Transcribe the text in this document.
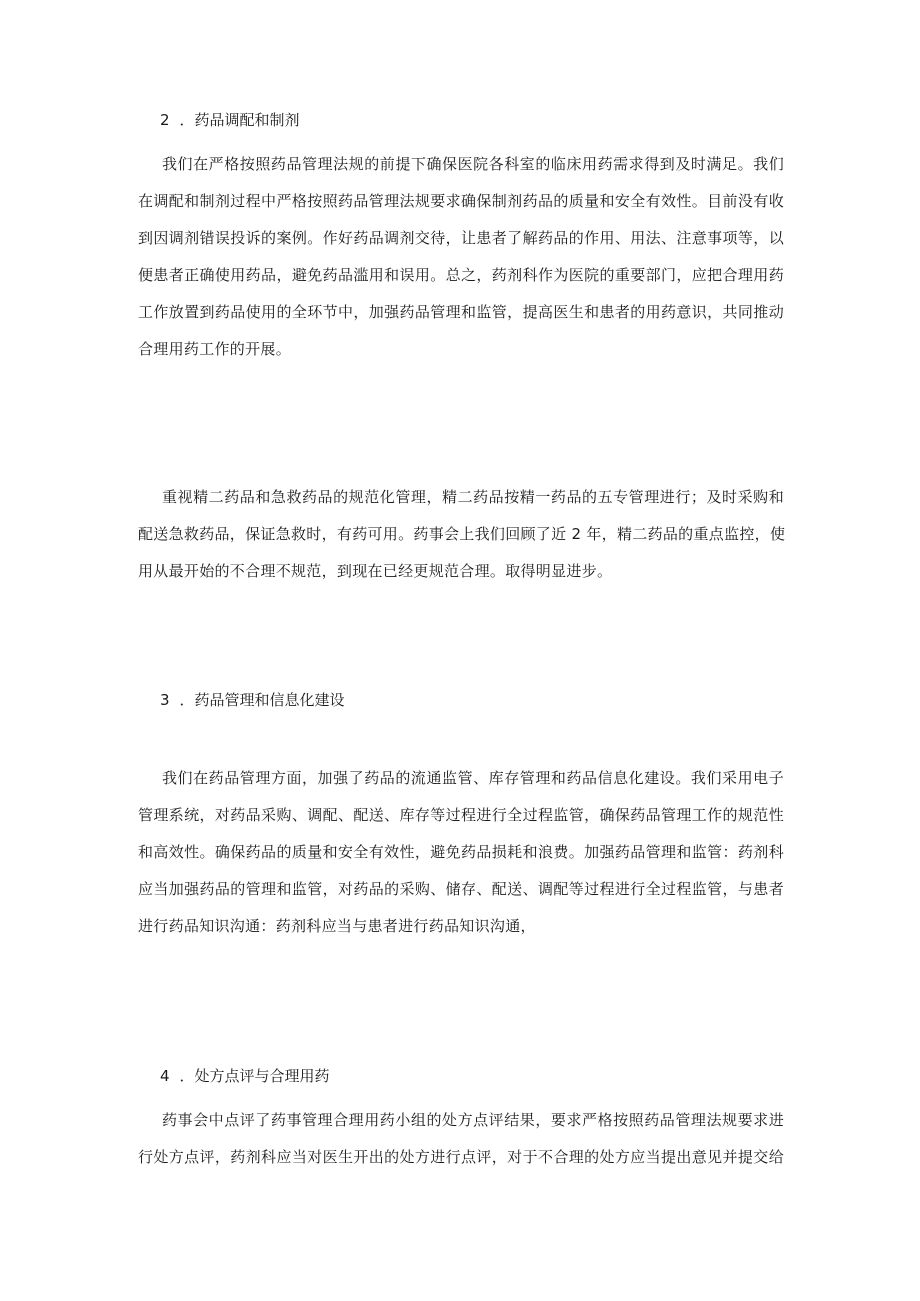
2 ．药品调配和制剂
我们在严格按照药品管理法规的前提下确保医院各科室的临床用药需求得到及时满足。我们
在调配和制剂过程中严格按照药品管理法规要求确保制剂药品的质量和安全有效性。目前没有收
到因调剂错误投诉的案例。作好药品调剂交待，让患者了解药品的作用、用法、注意事项等，以
便患者正确使用药品，避免药品滥用和误用。总之，药剂科作为医院的重要部门，应把合理用药
工作放置到药品使用的全环节中，加强药品管理和监管，提高医生和患者的用药意识，共同推动
合理用药工作的开展。
重视精二药品和急救药品的规范化管理，精二药品按精一药品的五专管理进行；及时采购和
配送急救药品，保证急救时，有药可用。药事会上我们回顾了近 2 年，精二药品的重点监控，使
用从最开始的不合理不规范，到现在已经更规范合理。取得明显进步。
3 ．药品管理和信息化建设
我们在药品管理方面，加强了药品的流通监管、库存管理和药品信息化建设。我们采用电子
管理系统，对药品采购、调配、配送、库存等过程进行全过程监管，确保药品管理工作的规范性
和高效性。确保药品的质量和安全有效性，避免药品损耗和浪费。加强药品管理和监管：药剂科
应当加强药品的管理和监管，对药品的采购、储存、配送、调配等过程进行全过程监管，与患者
进行药品知识沟通：药剂科应当与患者进行药品知识沟通，
4 ．处方点评与合理用药
药事会中点评了药事管理合理用药小组的处方点评结果，要求严格按照药品管理法规要求进
行处方点评，药剂科应当对医生开出的处方进行点评，对于不合理的处方应当提出意见并提交给
